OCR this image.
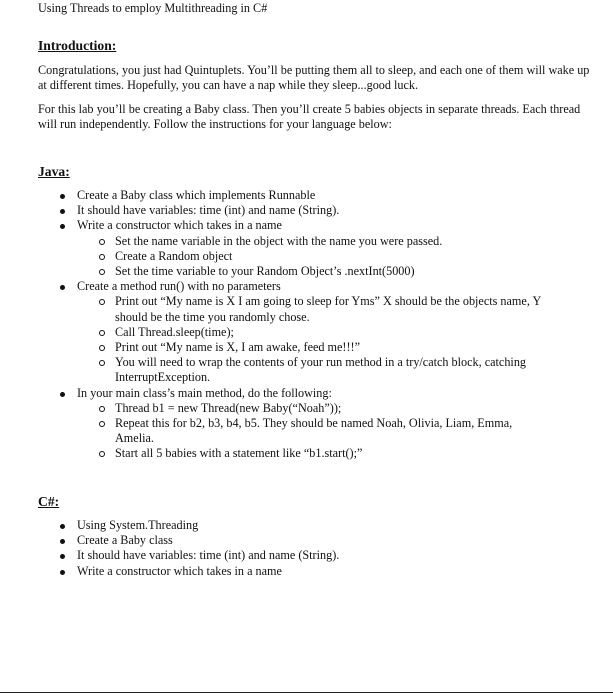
Using Threads to employ Multithreading in C#
Introduction:

Congratulations, you just had Quintuplets. You’ll be putting them all to sleep, and each one of them will wake up at different times. Hopefully, you can have a nap while they sleep...good luck.

For this lab you’ll be creating a Baby class. Then you’ll create 5 babies objects in separate threads. Each thread will run independently. Follow the instructions for your language below:

Java:
Create a Baby class which implements Runnable
It should have variables: time (int) and name (String).
Write a constructor which takes in a name
Set the name variable in the object with the name you were passed.
Create a Random object
Set the time variable to your Random Object’s .nextInt(5000)
Create a method run() with no parameters
Print out “My name is X I am going to sleep for Yms” X should be the objects name, Y should be the time you randomly chose.
Call Thread.sleep(time);
Print out “My name is X, I am awake, feed me!!!”
You will need to wrap the contents of your run method in a try/catch block, catching InterruptException.
In your main class’s main method, do the following:
Thread b1 = new Thread(new Baby(“Noah”));
Repeat this for b2, b3, b4, b5. They should be named Noah, Olivia, Liam, Emma, Amelia.
Start all 5 babies with a statement like “b1.start();”
C#:
Using System.Threading
Create a Baby class
It should have variables: time (int) and name (String).
Write a constructor which takes in a name
